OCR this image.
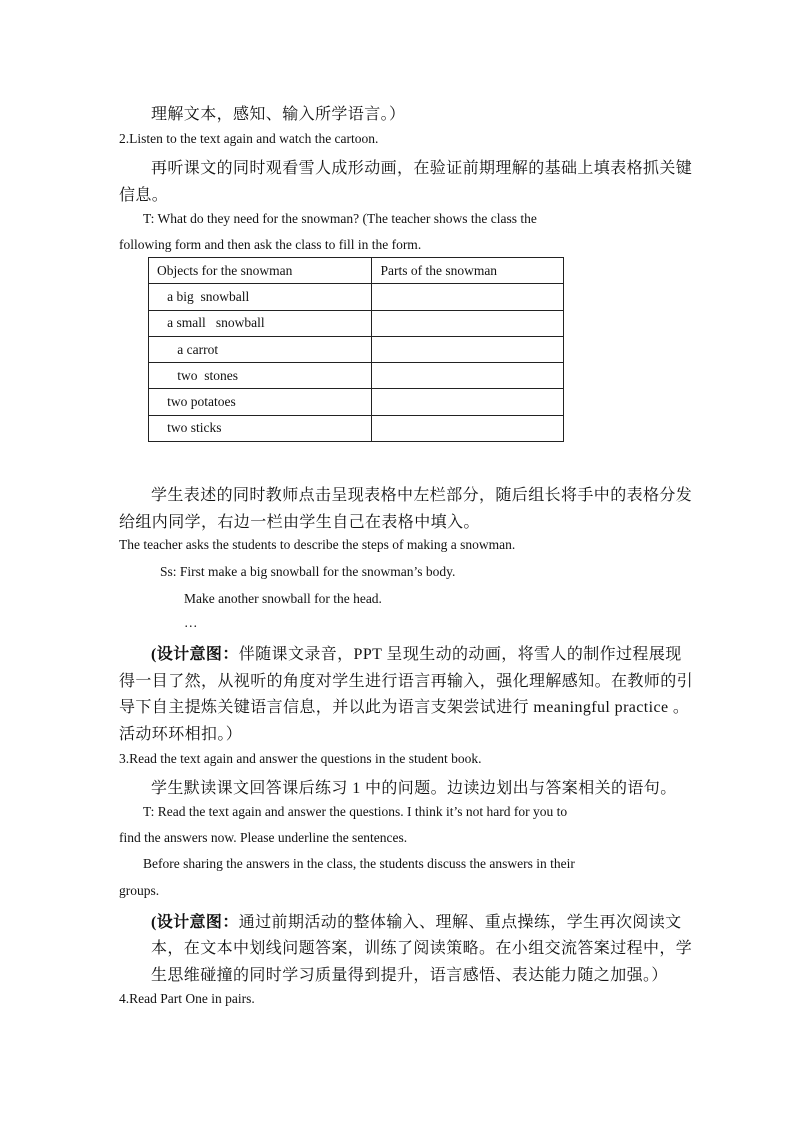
理解文本，感知、输入所学语言。）
2.Listen to the text again and watch the cartoon.
再听课文的同时观看雪人成形动画，在验证前期理解的基础上填表格抓关键
信息。
T: What do they need for the snowman? (The teacher shows the class the
following form and then ask the class to fill in the form.
Objects for the snowman	Parts of the snowman
a big  snowball	
a small   snowball	
a carrot	
two  stones	
two potatoes	
two sticks	
学生表述的同时教师点击呈现表格中左栏部分，随后组长将手中的表格分发
给组内同学，右边一栏由学生自己在表格中填入。
The teacher asks the students to describe the steps of making a snowman.
Ss: First make a big snowball for the snowman’s body.
Make another snowball for the head.
…
(设计意图：伴随课文录音，PPT 呈现生动的动画，将雪人的制作过程展现
得一目了然，从视听的角度对学生进行语言再输入，强化理解感知。在教师的引
导下自主提炼关键语言信息，并以此为语言支架尝试进行 meaningful practice 。
活动环环相扣。）
3.Read the text again and answer the questions in the student book.
学生默读课文回答课后练习 1 中的问题。边读边划出与答案相关的语句。
T: Read the text again and answer the questions. I think it’s not hard for you to
find the answers now. Please underline the sentences.
Before sharing the answers in the class, the students discuss the answers in their
groups.
(设计意图：通过前期活动的整体输入、理解、重点操练，学生再次阅读文
本，在文本中划线问题答案，训练了阅读策略。在小组交流答案过程中，学
生思维碰撞的同时学习质量得到提升，语言感悟、表达能力随之加强。）
4.Read Part One in pairs.
